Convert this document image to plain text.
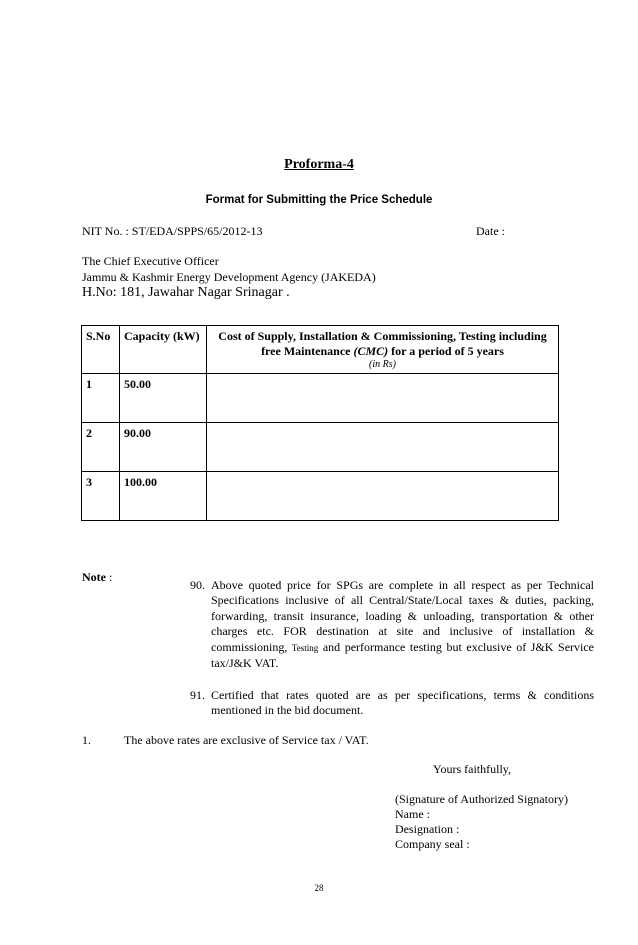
Proforma-4
Format for Submitting the Price Schedule
NIT No. : ST/EDA/SPPS/65/2012-13	Date :
The Chief Executive Officer
Jammu & Kashmir Energy Development Agency (JAKEDA)
H.No: 181, Jawahar Nagar Srinagar .
S.No	Capacity (kW)	Cost of Supply, Installation & Commissioning, Testing including free Maintenance (CMC) for a period of 5 years
(in Rs)

1	50.00	
2	90.00	
3	100.00	
Note :
90. Above quoted price for SPGs are complete in all respect as per Technical Specifications inclusive of all Central/State/Local taxes & duties, packing, forwarding, transit insurance, loading & unloading, transportation & other charges etc. FOR destination at site and inclusive of installation & commissioning, Testing and performance testing but exclusive of J&K Service tax/J&K VAT.
91. Certified that rates quoted are as per specifications, terms & conditions mentioned in the bid document.
1.	The above rates are exclusive of Service tax / VAT.
Yours faithfully,
(Signature of Authorized Signatory)
Name :
Designation :
Company seal :
28
